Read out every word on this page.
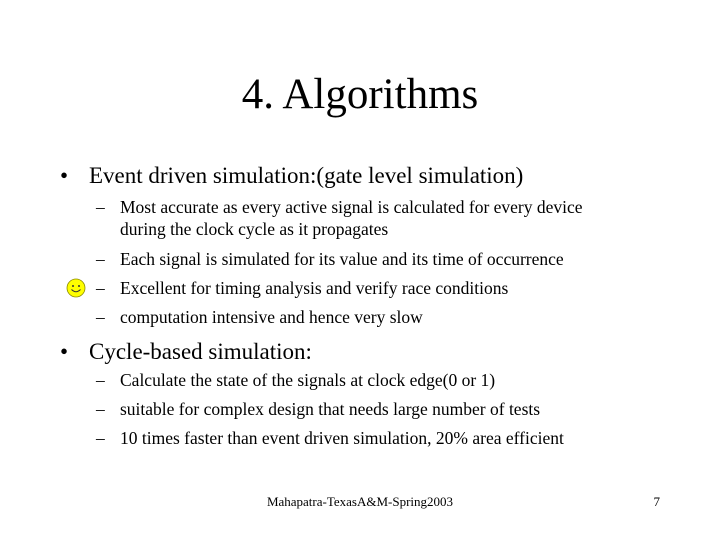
4. Algorithms
• Event driven simulation:(gate level simulation)
– Most accurate as every active signal is calculated for every device
during the clock cycle as it propagates
– Each signal is simulated for its value and its time of occurrence
– Excellent for timing analysis and verify race conditions
– computation intensive and hence very slow
• Cycle-based simulation:
– Calculate the state of the signals at clock edge(0 or 1)
– suitable for complex design that needs large number of tests
– 10 times faster than event driven simulation, 20% area efficient
Mahapatra-TexasA&M-Spring2003	7
